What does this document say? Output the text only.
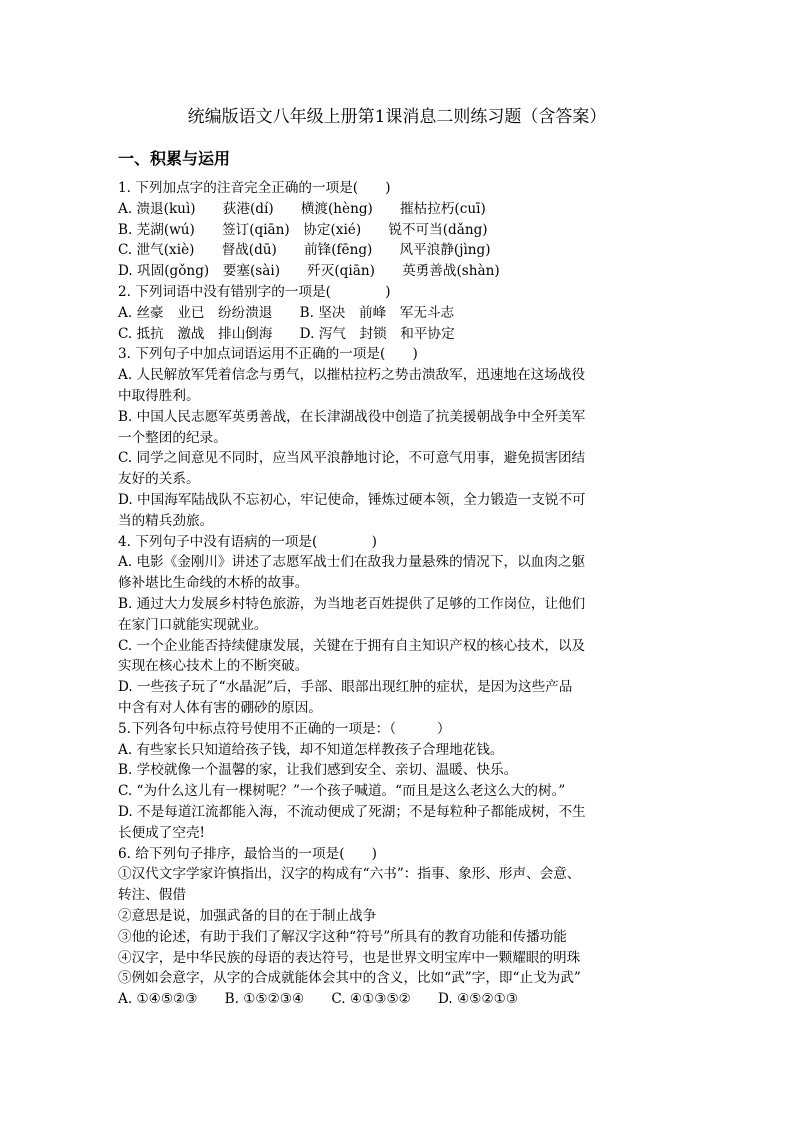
统编版语文八年级上册第1课消息二则练习题（含答案）
一、积累与运用
1. 下列加点字的注音完全正确的一项是(　　)
A. 溃退(kuì)　　荻港(dí)　　横渡(hèng)　　摧枯拉朽(cuī)
B. 芜湖(wú)　　签订(qiān)　协定(xié)　　锐不可当(dǎng)
C. 泄气(xiè)　　督战(dū)　　前锋(fēng)　　风平浪静(jìng)
D. 巩固(gǒng)　要塞(sài)　　歼灭(qiān)　　英勇善战(shàn)
2. 下列词语中没有错别字的一项是(　　　　)
A. 丝豪　业已　纷纷溃退　　B. 坚决　前峰　军无斗志
C. 抵抗　激战　排山倒海　　D. 泻气　封锁　和平协定
3. 下列句子中加点词语运用不正确的一项是(　　)
A. 人民解放军凭着信念与勇气，以摧枯拉朽之势击溃敌军，迅速地在这场战役
中取得胜利。
B. 中国人民志愿军英勇善战，在长津湖战役中创造了抗美援朝战争中全歼美军
一个整团的纪录。
C. 同学之间意见不同时，应当风平浪静地讨论，不可意气用事，避免损害团结
友好的关系。
D. 中国海军陆战队不忘初心，牢记使命，锤炼过硬本领，全力锻造一支锐不可
当的精兵劲旅。
4. 下列句子中没有语病的一项是(　　　　)
A. 电影《金刚川》讲述了志愿军战士们在敌我力量悬殊的情况下，以血肉之躯
修补堪比生命线的木桥的故事。
B. 通过大力发展乡村特色旅游，为当地老百姓提供了足够的工作岗位，让他们
在家门口就能实现就业。
C. 一个企业能否持续健康发展，关键在于拥有自主知识产权的核心技术，以及
实现在核心技术上的不断突破。
D. 一些孩子玩了“水晶泥”后，手部、眼部出现红肿的症状，是因为这些产品
中含有对人体有害的硼砂的原因。
5.下列各句中标点符号使用不正确的一项是：（　　　）
A. 有些家长只知道给孩子钱，却不知道怎样教孩子合理地花钱。
B. 学校就像一个温馨的家，让我们感到安全、亲切、温暖、快乐。
C. “为什么这儿有一棵树呢？”一个孩子喊道。“而且是这么老这么大的树。”
D. 不是每道江流都能入海，不流动便成了死湖；不是每粒种子都能成树，不生
长便成了空壳!
6. 给下列句子排序，最恰当的一项是(　　)
①汉代文字学家许慎指出，汉字的构成有“六书”：指事、象形、形声、会意、
转注、假借
②意思是说，加强武备的目的在于制止战争
③他的论述，有助于我们了解汉字这种“符号”所具有的教育功能和传播功能
④汉字，是中华民族的母语的表达符号，也是世界文明宝库中一颗耀眼的明珠
⑤例如会意字，从字的合成就能体会其中的含义，比如“武”字，即“止戈为武”
A. ①④⑤②③　　B. ①⑤②③④　　C. ④①③⑤②　　D. ④⑤②①③
